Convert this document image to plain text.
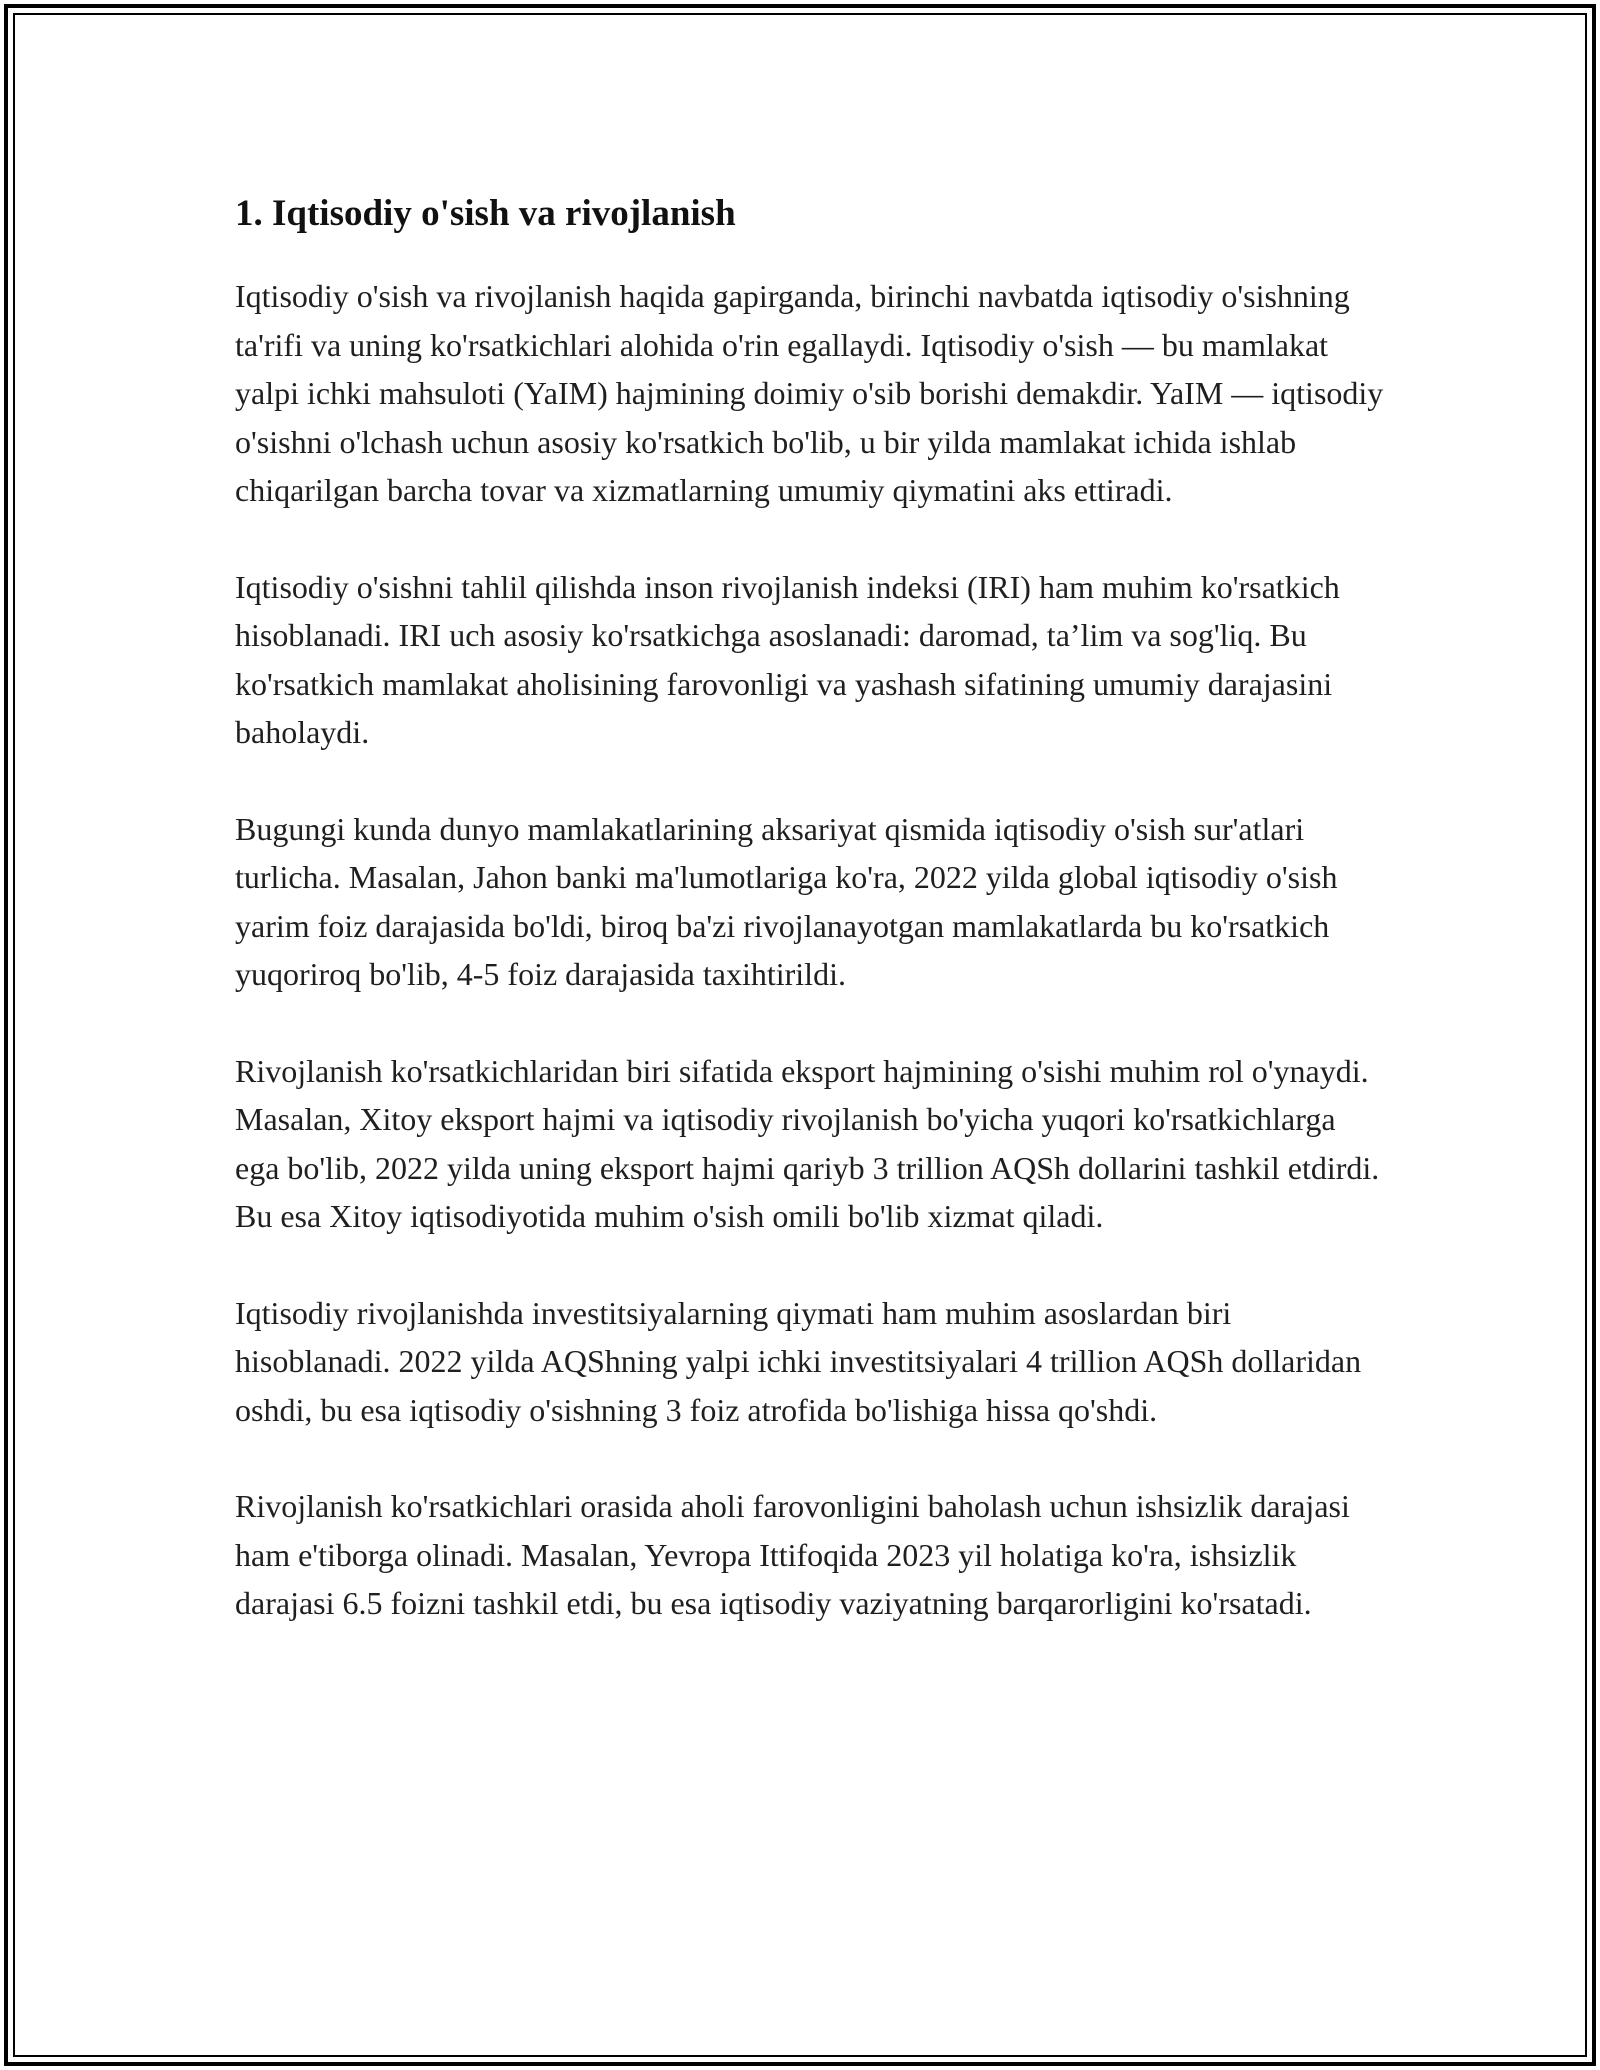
1. Iqtisodiy o'sish va rivojlanish

Iqtisodiy o'sish va rivojlanish haqida gapirganda, birinchi navbatda iqtisodiy o'sishning ta'rifi va uning ko'rsatkichlari alohida o'rin egallaydi. Iqtisodiy o'sish — bu mamlakat yalpi ichki mahsuloti (YaIM) hajmining doimiy o'sib borishi demakdir. YaIM — iqtisodiy o'sishni o'lchash uchun asosiy ko'rsatkich bo'lib, u bir yilda mamlakat ichida ishlab chiqarilgan barcha tovar va xizmatlarning umumiy qiymatini aks ettiradi.

Iqtisodiy o'sishni tahlil qilishda inson rivojlanish indeksi (IRI) ham muhim ko'rsatkich hisoblanadi. IRI uch asosiy ko'rsatkichga asoslanadi: daromad, ta’lim va sog'liq. Bu ko'rsatkich mamlakat aholisining farovonligi va yashash sifatining umumiy darajasini baholaydi.

Bugungi kunda dunyo mamlakatlarining aksariyat qismida iqtisodiy o'sish sur'atlari turlicha. Masalan, Jahon banki ma'lumotlariga ko'ra, 2022 yilda global iqtisodiy o'sish yarim foiz darajasida bo'ldi, biroq ba'zi rivojlanayotgan mamlakatlarda bu ko'rsatkich yuqoriroq bo'lib, 4-5 foiz darajasida taxihtirildi.

Rivojlanish ko'rsatkichlaridan biri sifatida eksport hajmining o'sishi muhim rol o'ynaydi. Masalan, Xitoy eksport hajmi va iqtisodiy rivojlanish bo'yicha yuqori ko'rsatkichlarga ega bo'lib, 2022 yilda uning eksport hajmi qariyb 3 trillion AQSh dollarini tashkil etdirdi. Bu esa Xitoy iqtisodiyotida muhim o'sish omili bo'lib xizmat qiladi.

Iqtisodiy rivojlanishda investitsiyalarning qiymati ham muhim asoslardan biri hisoblanadi. 2022 yilda AQShning yalpi ichki investitsiyalari 4 trillion AQSh dollaridan oshdi, bu esa iqtisodiy o'sishning 3 foiz atrofida bo'lishiga hissa qo'shdi.

Rivojlanish ko'rsatkichlari orasida aholi farovonligini baholash uchun ishsizlik darajasi ham e'tiborga olinadi. Masalan, Yevropa Ittifoqida 2023 yil holatiga ko'ra, ishsizlik darajasi 6.5 foizni tashkil etdi, bu esa iqtisodiy vaziyatning barqarorligini ko'rsatadi.
